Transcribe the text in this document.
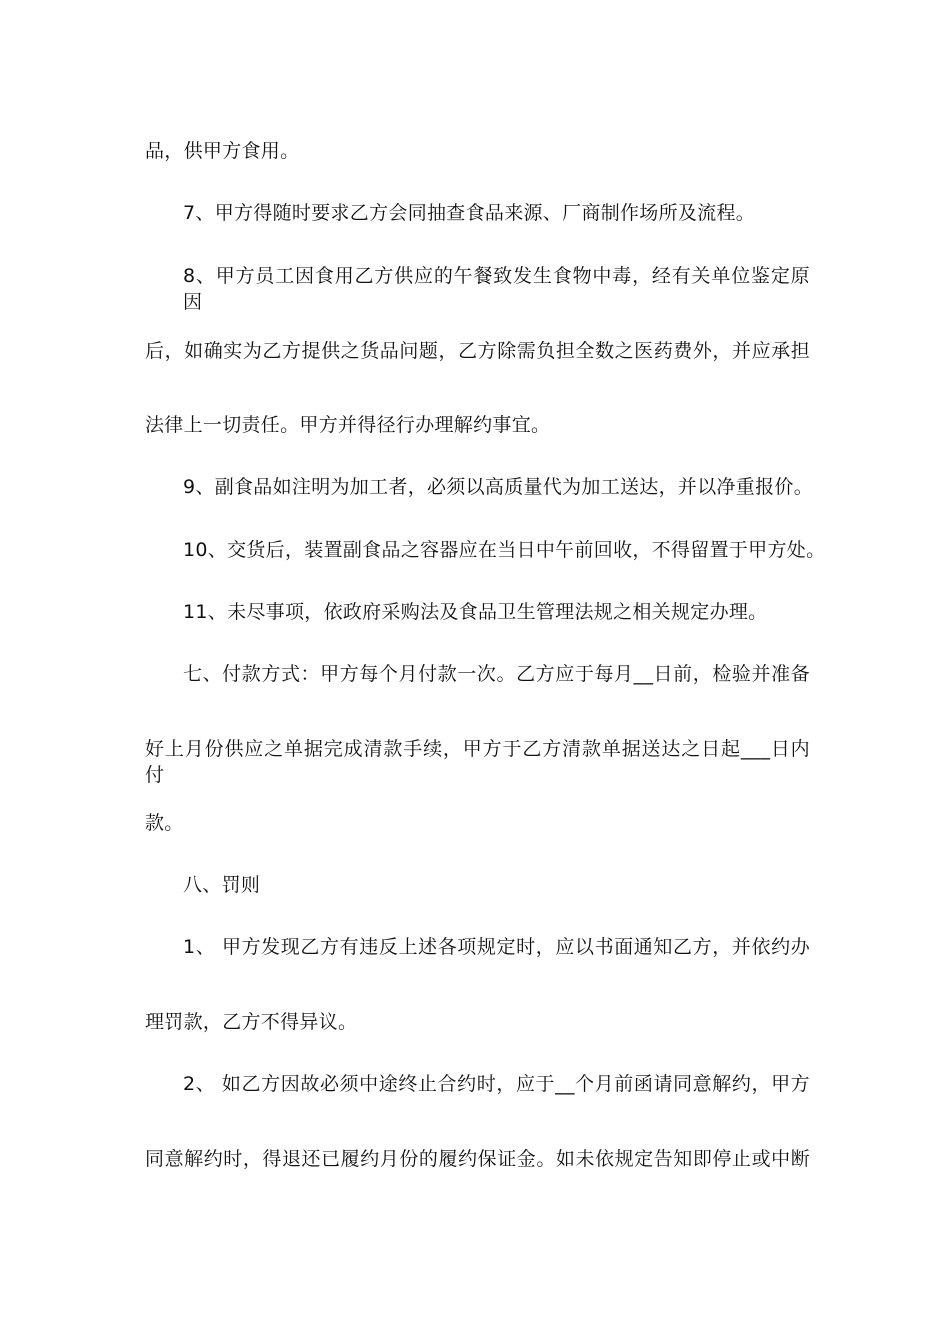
品，供甲方食用。
7、甲方得随时要求乙方会同抽查食品来源、厂商制作场所及流程。
8、甲方员工因食用乙方供应的午餐致发生食物中毒，经有关单位鉴定原因
后，如确实为乙方提供之货品问题，乙方除需负担全数之医药费外，并应承担
法律上一切责任。甲方并得径行办理解约事宜。
9、副食品如注明为加工者，必须以高质量代为加工送达，并以净重报价。
10、交货后，装置副食品之容器应在当日中午前回收，不得留置于甲方处。
11、未尽事项，依政府采购法及食品卫生管理法规之相关规定办理。
七、付款方式：甲方每个月付款一次。乙方应于每月__日前，检验并准备
好上月份供应之单据完成清款手续，甲方于乙方清款单据送达之日起___日内付
款。
八、罚则
1、 甲方发现乙方有违反上述各项规定时，应以书面通知乙方，并依约办
理罚款，乙方不得异议。
2、 如乙方因故必须中途终止合约时，应于__个月前函请同意解约，甲方
同意解约时，得退还已履约月份的履约保证金。如未依规定告知即停止或中断
